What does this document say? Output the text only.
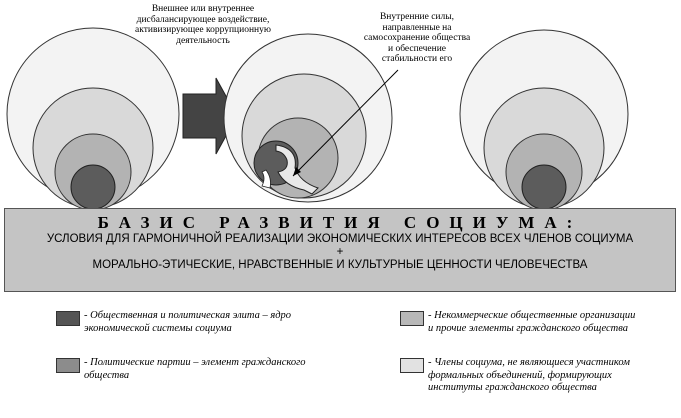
Внешнее или внутреннее дисбалансирующее воздействие, активизирующее коррупционную деятельность
Внутренние силы, направленные на самосохранение общества и обеспечение стабильности его
БАЗИС РАЗВИТИЯ СОЦИУМА:
УСЛОВИЯ ДЛЯ ГАРМОНИЧНОЙ РЕАЛИЗАЦИИ ЭКОНОМИЧЕСКИХ ИНТЕРЕСОВ ВСЕХ ЧЛЕНОВ СОЦИУМА
+
МОРАЛЬНО-ЭТИЧЕСКИЕ, НРАВСТВЕННЫЕ И КУЛЬТУРНЫЕ ЦЕННОСТИ ЧЕЛОВЕЧЕСТВА
- Общественная и политическая элита – ядро экономической системы социума
- Политические партии – элемент гражданского общества
- Некоммерческие общественные организации и прочие элементы гражданского общества
- Члены социума, не являющиеся участником формальных объединений, формирующих институты гражданского общества
